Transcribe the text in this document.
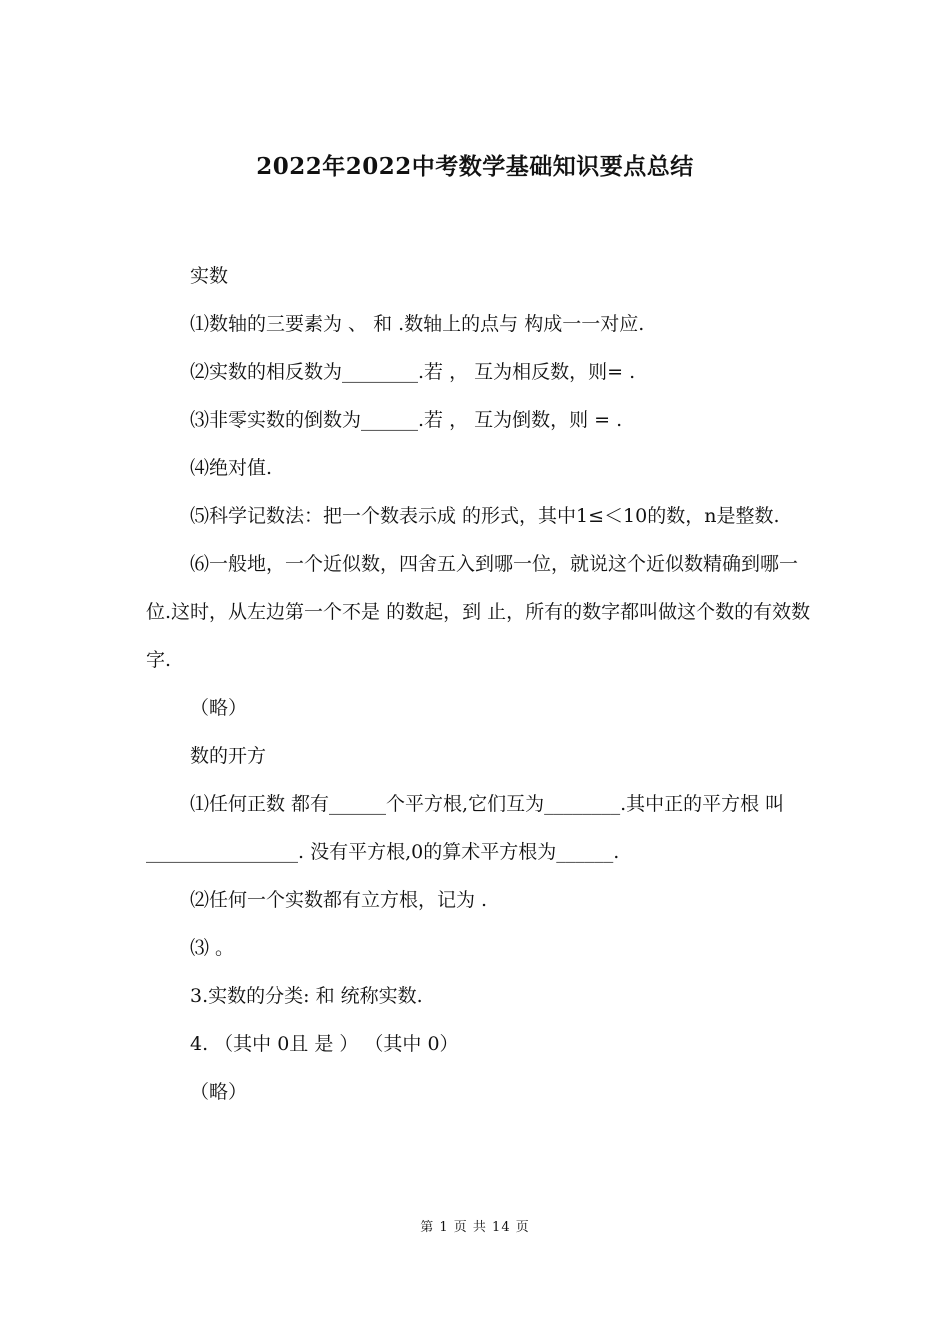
2022年2022中考数学基础知识要点总结

实数

⑴数轴的三要素为 、 和 .数轴上的点与 构成一一对应.

⑵实数的相反数为________.若 ， 互为相反数，则= .

⑶非零实数的倒数为______.若 ， 互为倒数，则 = .

⑷绝对值.

⑸科学记数法：把一个数表示成 的形式，其中1≤＜10的数，n是整数.

⑹一般地，一个近似数，四舍五入到哪一位，就说这个近似数精确到哪一位.这时，从左边第一个不是 的数起，到 止，所有的数字都叫做这个数的有效数字.

（略）

数的开方

⑴任何正数 都有______个平方根,它们互为________.其中正的平方根 叫________________. 没有平方根,0的算术平方根为______.

⑵任何一个实数都有立方根，记为 .

⑶ 。

3.实数的分类: 和 统称实数.

4. （其中 0且 是 ） （其中 0）

（略）

第 1 页 共 14 页
